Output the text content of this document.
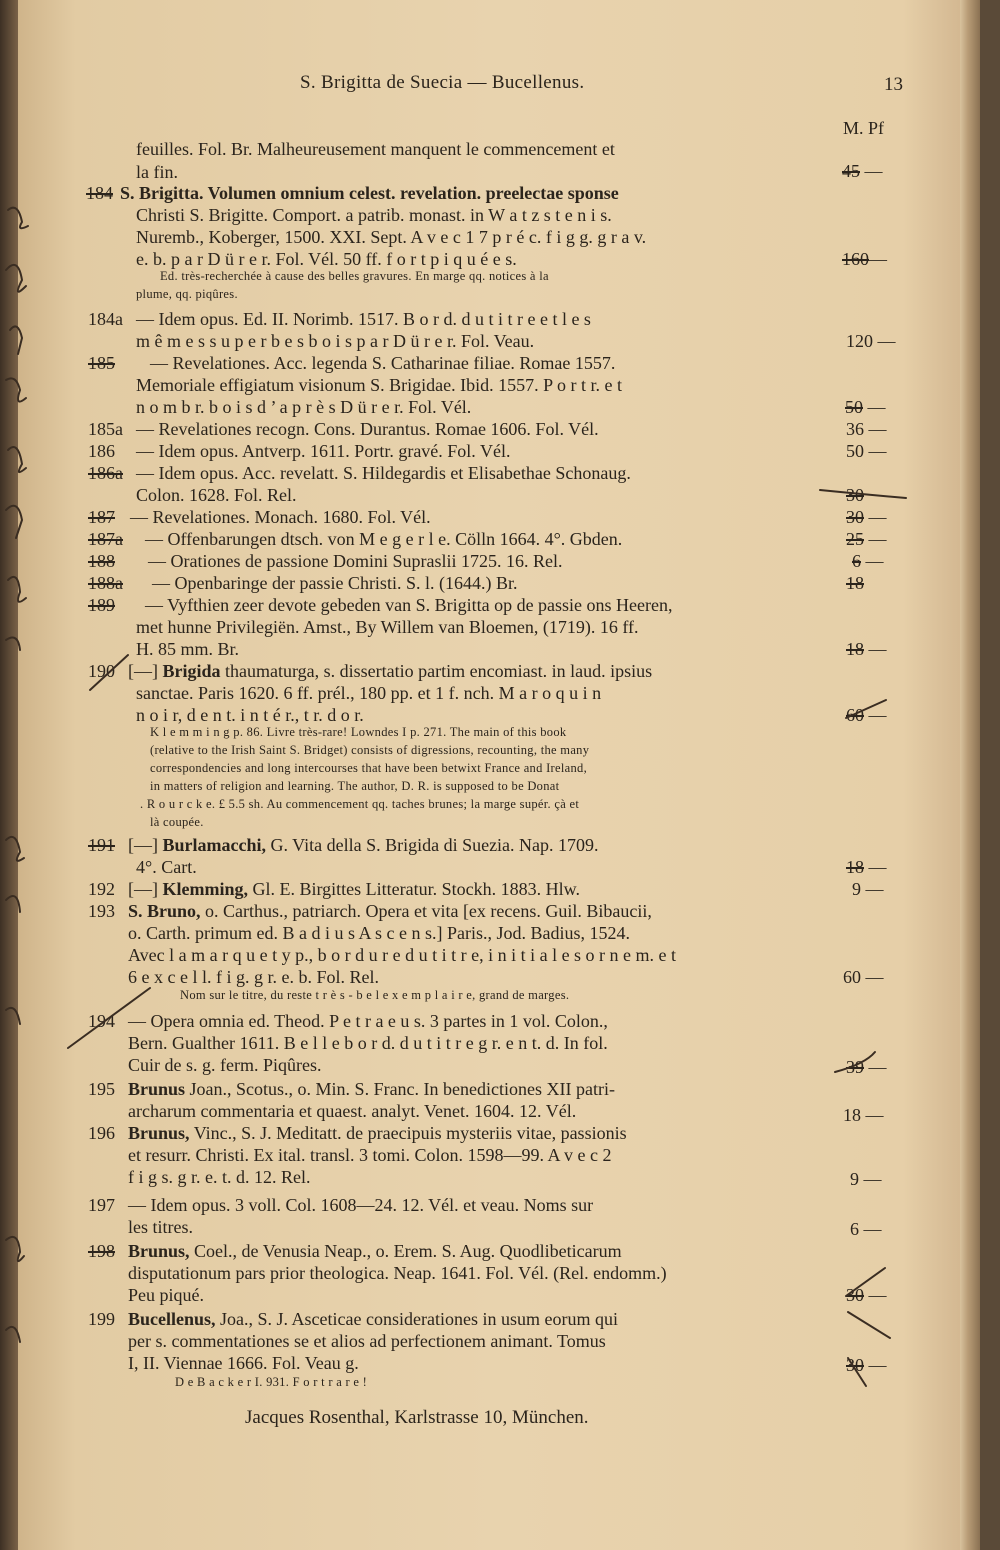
S. Brigitta de Suecia — Bucellenus.	13
M. Pf
feuilles. Fol. Br. Malheureusement manquent le commencement et
la fin.	45 —
184 S. Brigitta. Volumen omnium celest. revelation. preelectae sponse
Christi S. Brigitte. Comport. a patrib. monast. in W a t z s t e n i s.
Nuremb., Koberger, 1500. XXI. Sept. A v e c 1 7 p r é c. f i g g. g r a v.
e. b. p a r D ü r e r. Fol. Vél. 50 ff. f o r t p i q u é e s.	160—
Ed. très-recherchée à cause des belles gravures. En marge qq. notices à la
plume, qq. piqûres.
184a — Idem opus. Ed. II. Norimb. 1517. B o r d. d u t i t r e e t l e s
m ê m e s s u p e r b e s b o i s p a r D ü r e r. Fol. Veau.	120 —
185 — Revelationes. Acc. legenda S. Catharinae filiae. Romae 1557.
Memoriale effigiatum visionum S. Brigidae. Ibid. 1557. P o r t r. e t
n o m b r. b o i s d ’ a p r è s D ü r e r. Fol. Vél.	50 —
185a — Revelationes recogn. Cons. Durantus. Romae 1606. Fol. Vél.	36 —
186 — Idem opus. Antverp. 1611. Portr. gravé. Fol. Vél.	50 —
186a — Idem opus. Acc. revelatt. S. Hildegardis et Elisabethae Schonaug.
Colon. 1628. Fol. Rel.	30
187 — Revelationes. Monach. 1680. Fol. Vél.	30 —
187a — Offenbarungen dtsch. von M e g e r l e. Cölln 1664. 4°. Gbden.	25 —
188 — Orationes de passione Domini Supraslii 1725. 16. Rel.	6 —
188a — Openbaringe der passie Christi. S. l. (1644.) Br.	18
189 — Vyfthien zeer devote gebeden van S. Brigitta op de passie ons Heeren,
met hunne Privilegiën. Amst., By Willem van Bloemen, (1719). 16 ff.
H. 85 mm. Br.	18 —
190 [—] Brigida thaumaturga, s. dissertatio partim encomiast. in laud. ipsius
sanctae. Paris 1620. 6 ff. prél., 180 pp. et 1 f. nch. M a r o q u i n
n o i r, d e n t. i n t é r., t r. d o r.	60 —
K l e m m i n g p. 86. Livre très-rare! Lowndes I p. 271. The main of this book
(relative to the Irish Saint S. Bridget) consists of digressions, recounting, the many
correspondencies and long intercourses that have been betwixt France and Ireland,
in matters of religion and learning. The author, D. R. is supposed to be Donat
. R o u r c k e. £ 5.5 sh. Au commencement qq. taches brunes; la marge supér. çà et
là coupée.
191 [—] Burlamacchi, G. Vita della S. Brigida di Suezia. Nap. 1709.
4°. Cart.	18 —
192 [—] Klemming, Gl. E. Birgittes Litteratur. Stockh. 1883. Hlw.	9 —
193 S. Bruno, o. Carthus., patriarch. Opera et vita [ex recens. Guil. Bibaucii,
o. Carth. primum ed. B a d i u s A s c e n s.] Paris., Jod. Badius, 1524.
Avec l a m a r q u e t y p., b o r d u r e d u t i t r e, i n i t i a l e s o r n e m. e t
6 e x c e l l. f i g. g r. e. b. Fol. Rel.	60 —
Nom sur le titre, du reste t r è s - b e l e x e m p l a i r e, grand de marges.
194 — Opera omnia ed. Theod. P e t r a e u s. 3 partes in 1 vol. Colon.,
Bern. Gualther 1611. B e l l e b o r d. d u t i t r e g r. e n t. d. In fol.
Cuir de s. g. ferm. Piqûres.	39 —
195 Brunus Joan., Scotus., o. Min. S. Franc. In benedictiones XII patri-
archarum commentaria et quaest. analyt. Venet. 1604. 12. Vél.	18 —
196 Brunus, Vinc., S. J. Meditatt. de praecipuis mysteriis vitae, passionis
et resurr. Christi. Ex ital. transl. 3 tomi. Colon. 1598—99. A v e c 2
f i g s. g r. e. t. d. 12. Rel.	9 —
197 — Idem opus. 3 voll. Col. 1608—24. 12. Vél. et veau. Noms sur
les titres.	6 —
198 Brunus, Coel., de Venusia Neap., o. Erem. S. Aug. Quodlibeticarum
disputationum pars prior theologica. Neap. 1641. Fol. Vél. (Rel. endomm.)
Peu piqué.	30 —
199 Bucellenus, Joa., S. J. Asceticae considerationes in usum eorum qui
per s. commentationes se et alios ad perfectionem animant. Tomus
I, II. Viennae 1666. Fol. Veau g.	30 —
D e B a c k e r I. 931. F o r t r a r e !
Jacques Rosenthal, Karlstrasse 10, München.
